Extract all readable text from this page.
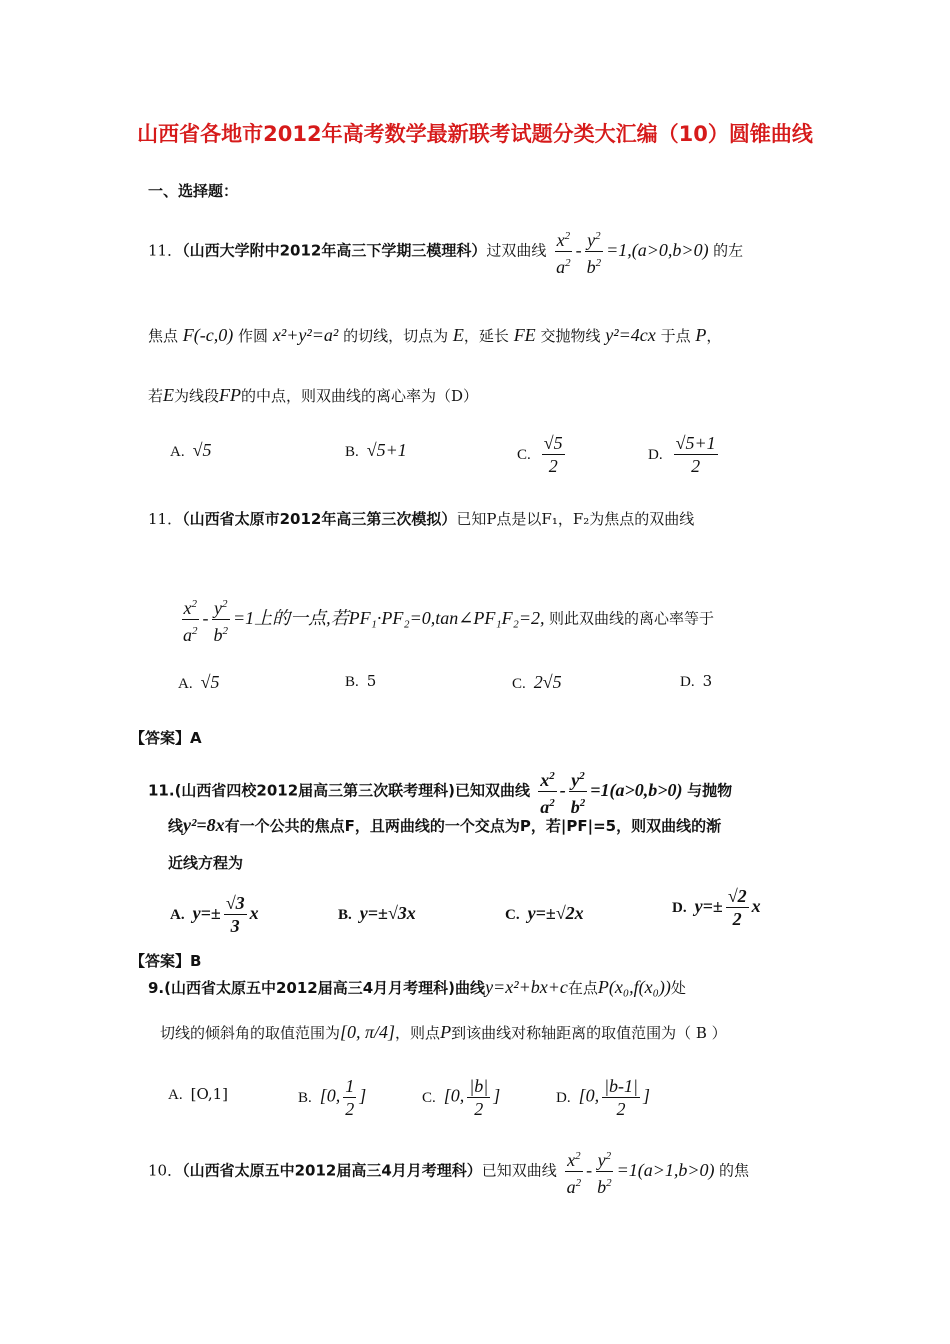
山西省各地市2012年高考数学最新联考试题分类大汇编（10）圆锥曲线
一、选择题：
11．（山西大学附中2012年高三下学期三模理科）过双曲线 $\frac{x^2}{a^2} - \frac{y^2}{b^2} =1,(a>0,b>0)$ 的左
焦点 F(-c,0) 作圆 x²+y²=a² 的切线，切点为 E，延长 FE 交抛物线 y²=4cx 于点 P，
若E为线段FP的中点，则双曲线的离心率为（D）
A. √5	B. √5+1	C. $\frac{√5}{2}$	D. $\frac{√5+1}{2}$
11．（山西省太原市2012年高三第三次模拟）已知P点是以F₁，F₂为焦点的双曲线
$\frac{x^2}{a^2} - \frac{y^2}{b^2} =1$上的一点,若PF₁·PF₂=0,tan∠PF₁F₂=2, 则此双曲线的离心率等于
A. √5	B. 5	C. 2√5	D. 3
【答案】A
11.(山西省四校2012届高三第三次联考理科)已知双曲线 $\frac{x^2}{a^2} - \frac{y^2}{b^2} =1(a>0,b>0)$ 与抛物
线y²=8x有一个公共的焦点F，且两曲线的一个交点为P，若|PF|=5，则双曲线的渐
近线方程为
A. $y=\pm \frac{√3}{3}$ x	B. y=±√3x	C. y=±√2x	D. $y=\pm \frac{√2}{2}$ x
【答案】B
9.(山西省太原五中2012届高三4月月考理科)曲线y=x²+bx+c在点P(x₀,f(x₀))处
切线的倾斜角的取值范围为[0, π/4]，则点P到该曲线对称轴距离的取值范围为（ B ）
A. [O,1]	B. [0, $\frac{1}{2}$ ]	C. [0, $\frac{|b|}{2}$ ]	D. [0, $\frac{|b-1|}{2}$ ]
10．（山西省太原五中2012届高三4月月考理科）已知双曲线 $\frac{x^2}{a^2} - \frac{y^2}{b^2} =1(a>1,b>0)$ 的焦
